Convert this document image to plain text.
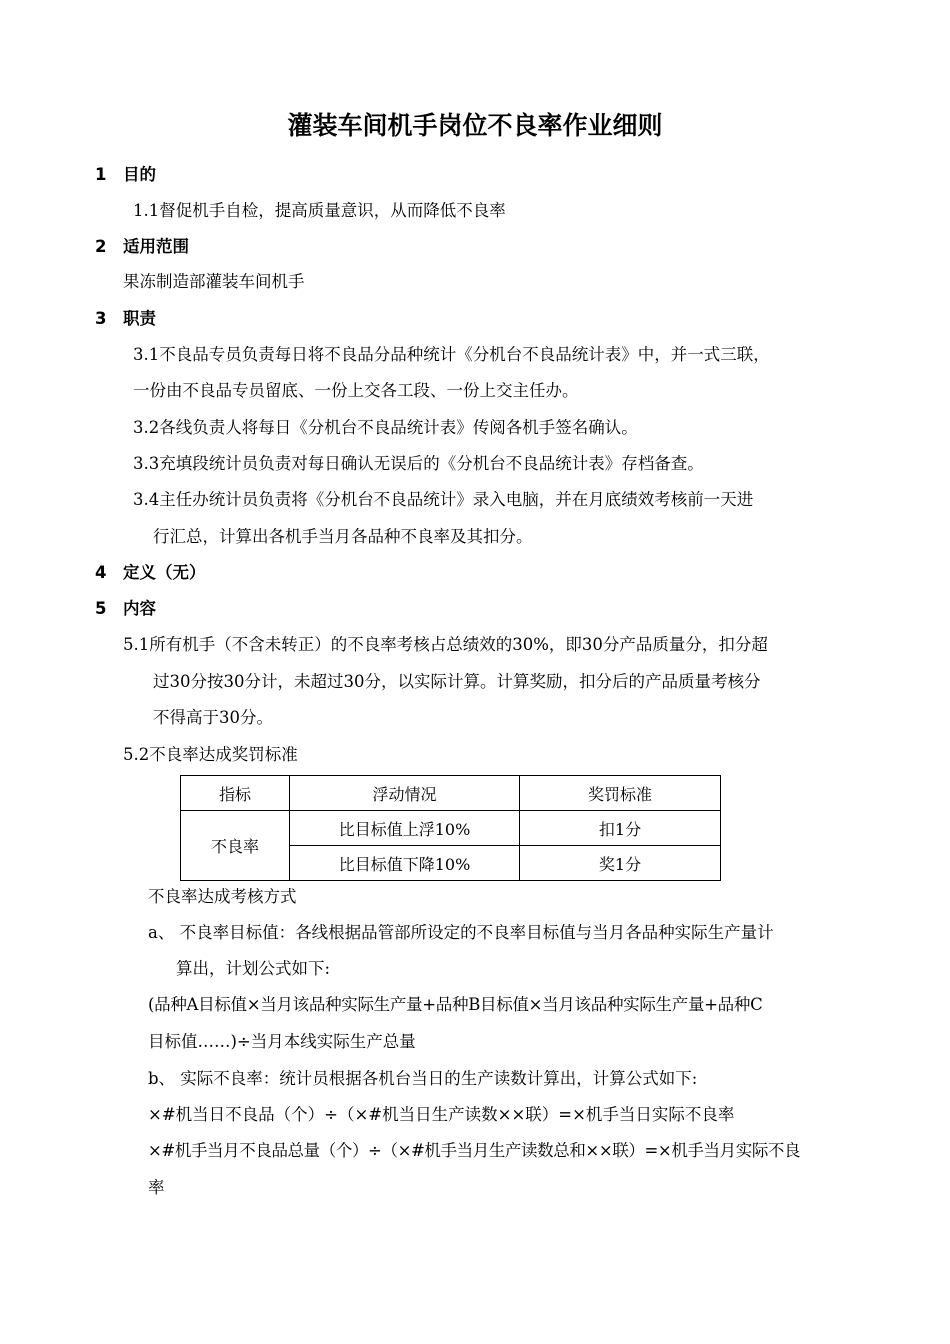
灌装车间机手岗位不良率作业细则
1 目的
1.1督促机手自检，提高质量意识，从而降低不良率
2 适用范围
果冻制造部灌装车间机手
3 职责
3.1不良品专员负责每日将不良品分品种统计《分机台不良品统计表》中，并一式三联，
一份由不良品专员留底、一份上交各工段、一份上交主任办。
3.2各线负责人将每日《分机台不良品统计表》传阅各机手签名确认。
3.3充填段统计员负责对每日确认无误后的《分机台不良品统计表》存档备查。
3.4主任办统计员负责将《分机台不良品统计》录入电脑，并在月底绩效考核前一天进
行汇总，计算出各机手当月各品种不良率及其扣分。
4 定义（无）
5 内容
5.1所有机手（不含未转正）的不良率考核占总绩效的30%，即30分产品质量分，扣分超
过30分按30分计，未超过30分，以实际计算。计算奖励，扣分后的产品质量考核分
不得高于30分。
5.2不良率达成奖罚标准
指标	浮动情况	奖罚标准
不良率	比目标值上浮10%	扣1分
	比目标值下降10%	奖1分
不良率达成考核方式
a、 不良率目标值：各线根据品管部所设定的不良率目标值与当月各品种实际生产量计
算出，计划公式如下:
(品种A目标值×当月该品种实际生产量+品种B目标值×当月该品种实际生产量+品种C
目标值……)÷当月本线实际生产总量
b、 实际不良率：统计员根据各机台当日的生产读数计算出，计算公式如下:
×#机当日不良品（个）÷（×#机当日生产读数××联）=×机手当日实际不良率
×#机手当月不良品总量（个）÷（×#机手当月生产读数总和××联）=×机手当月实际不良
率
